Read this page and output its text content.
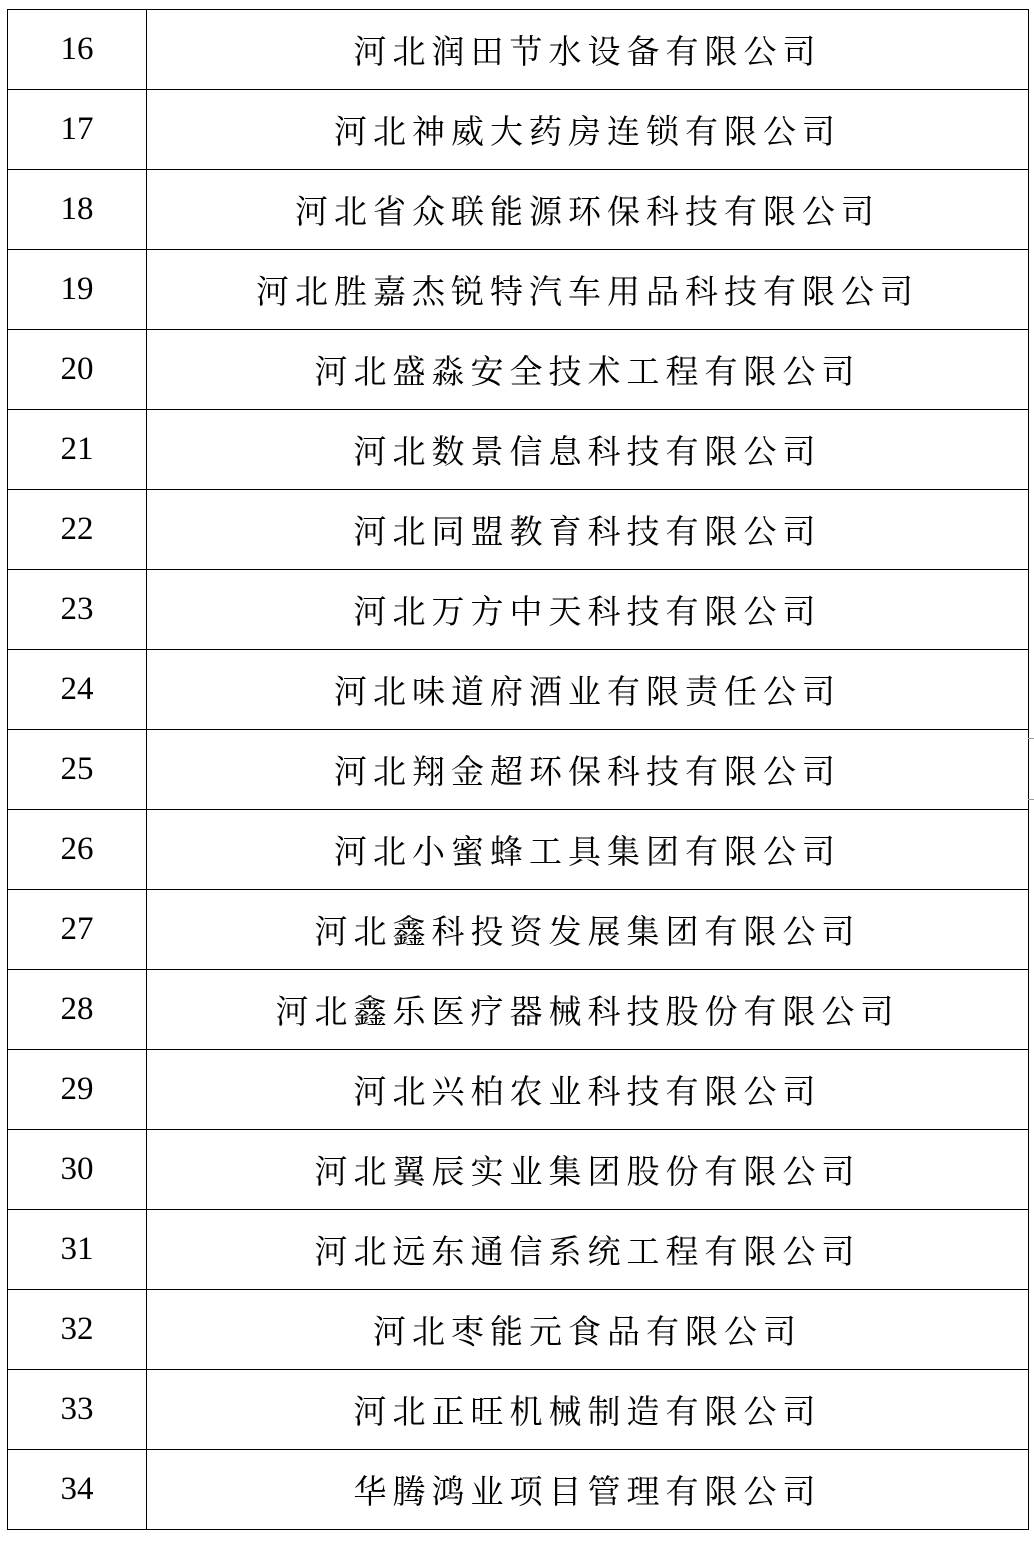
16	河北润田节水设备有限公司
17	河北神威大药房连锁有限公司
18	河北省众联能源环保科技有限公司
19	河北胜嘉杰锐特汽车用品科技有限公司
20	河北盛淼安全技术工程有限公司
21	河北数景信息科技有限公司
22	河北同盟教育科技有限公司
23	河北万方中天科技有限公司
24	河北味道府酒业有限责任公司
25	河北翔金超环保科技有限公司
26	河北小蜜蜂工具集团有限公司
27	河北鑫科投资发展集团有限公司
28	河北鑫乐医疗器械科技股份有限公司
29	河北兴柏农业科技有限公司
30	河北翼辰实业集团股份有限公司
31	河北远东通信系统工程有限公司
32	河北枣能元食品有限公司
33	河北正旺机械制造有限公司
34	华腾鸿业项目管理有限公司
